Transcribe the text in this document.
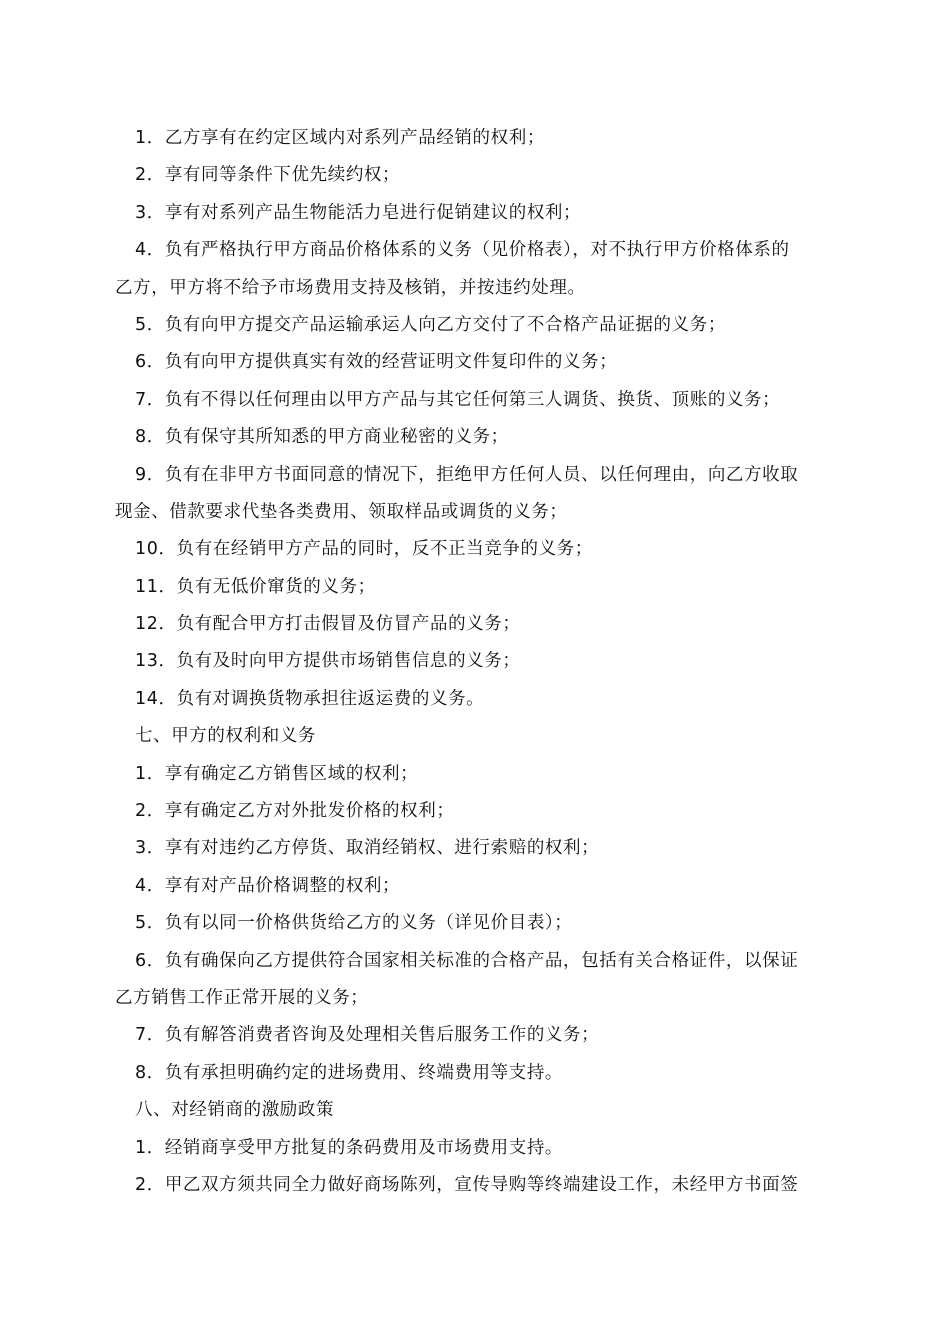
1．乙方享有在约定区域内对系列产品经销的权利；
2．享有同等条件下优先续约权；
3．享有对系列产品生物能活力皂进行促销建议的权利；
4．负有严格执行甲方商品价格体系的义务（见价格表），对不执行甲方价格体系的
乙方，甲方将不给予市场费用支持及核销，并按违约处理。
5．负有向甲方提交产品运输承运人向乙方交付了不合格产品证据的义务；
6．负有向甲方提供真实有效的经营证明文件复印件的义务；
7．负有不得以任何理由以甲方产品与其它任何第三人调货、换货、顶账的义务；
8．负有保守其所知悉的甲方商业秘密的义务；
9．负有在非甲方书面同意的情况下，拒绝甲方任何人员、以任何理由，向乙方收取
现金、借款要求代垫各类费用、领取样品或调货的义务；
10．负有在经销甲方产品的同时，反不正当竞争的义务；
11．负有无低价窜货的义务；
12．负有配合甲方打击假冒及仿冒产品的义务；
13．负有及时向甲方提供市场销售信息的义务；
14．负有对调换货物承担往返运费的义务。
七、甲方的权利和义务
1．享有确定乙方销售区域的权利；
2．享有确定乙方对外批发价格的权利；
3．享有对违约乙方停货、取消经销权、进行索赔的权利；
4．享有对产品价格调整的权利；
5．负有以同一价格供货给乙方的义务（详见价目表）；
6．负有确保向乙方提供符合国家相关标准的合格产品，包括有关合格证件，以保证
乙方销售工作正常开展的义务；
7．负有解答消费者咨询及处理相关售后服务工作的义务；
8．负有承担明确约定的进场费用、终端费用等支持。
八、对经销商的激励政策
1．经销商享受甲方批复的条码费用及市场费用支持。
2．甲乙双方须共同全力做好商场陈列，宣传导购等终端建设工作，未经甲方书面签
